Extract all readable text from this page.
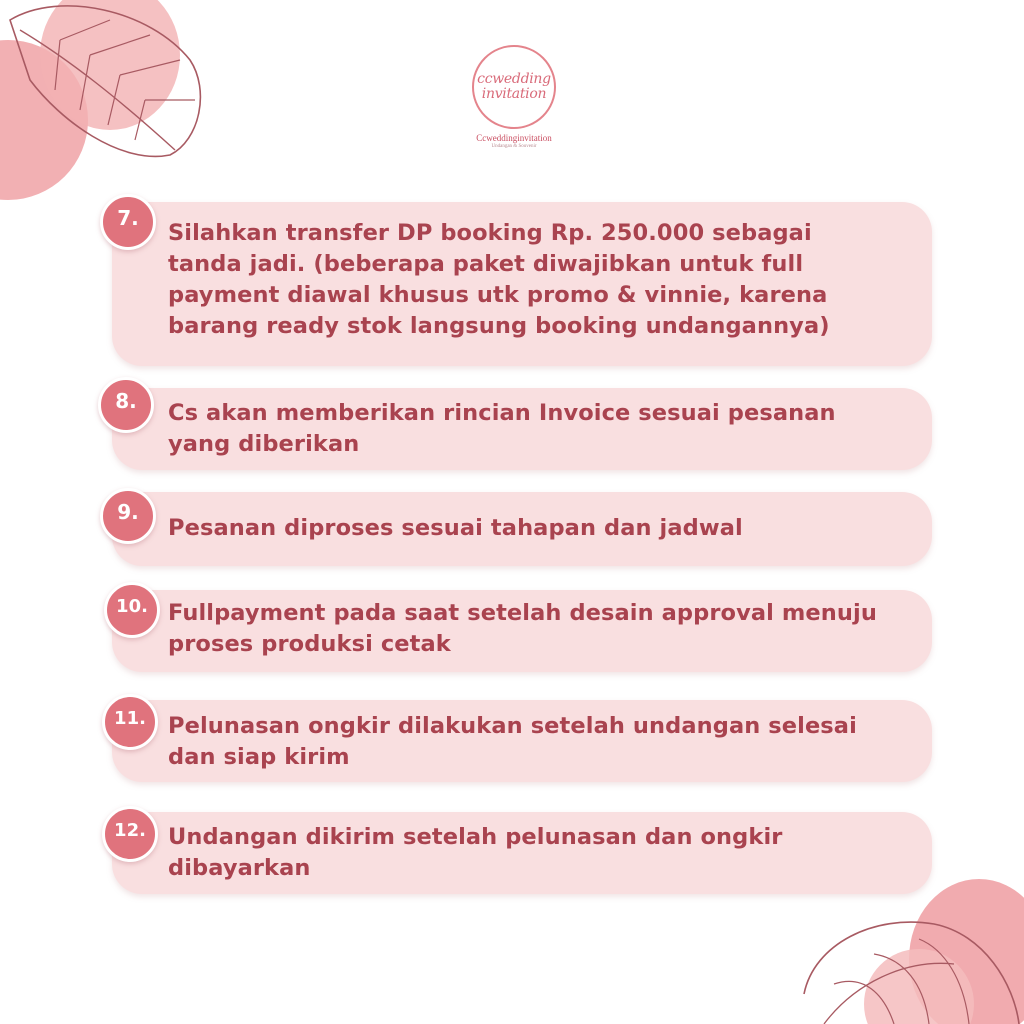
ccwedding invitation
Ccweddinginvitation
Undangan & Souvenir
7.
Silahkan transfer DP booking Rp. 250.000 sebagai
tanda jadi. (beberapa paket diwajibkan untuk full
payment diawal khusus utk promo & vinnie, karena
barang ready stok langsung booking undangannya)
8.	Cs akan memberikan rincian Invoice sesuai pesanan
yang diberikan
9.
Pesanan diproses sesuai tahapan dan jadwal
10. Fullpayment pada saat setelah desain approval menuju
proses produksi cetak
11. Pelunasan ongkir dilakukan setelah undangan selesai
dan siap kirim
12. Undangan dikirim setelah pelunasan dan ongkir
dibayarkan
